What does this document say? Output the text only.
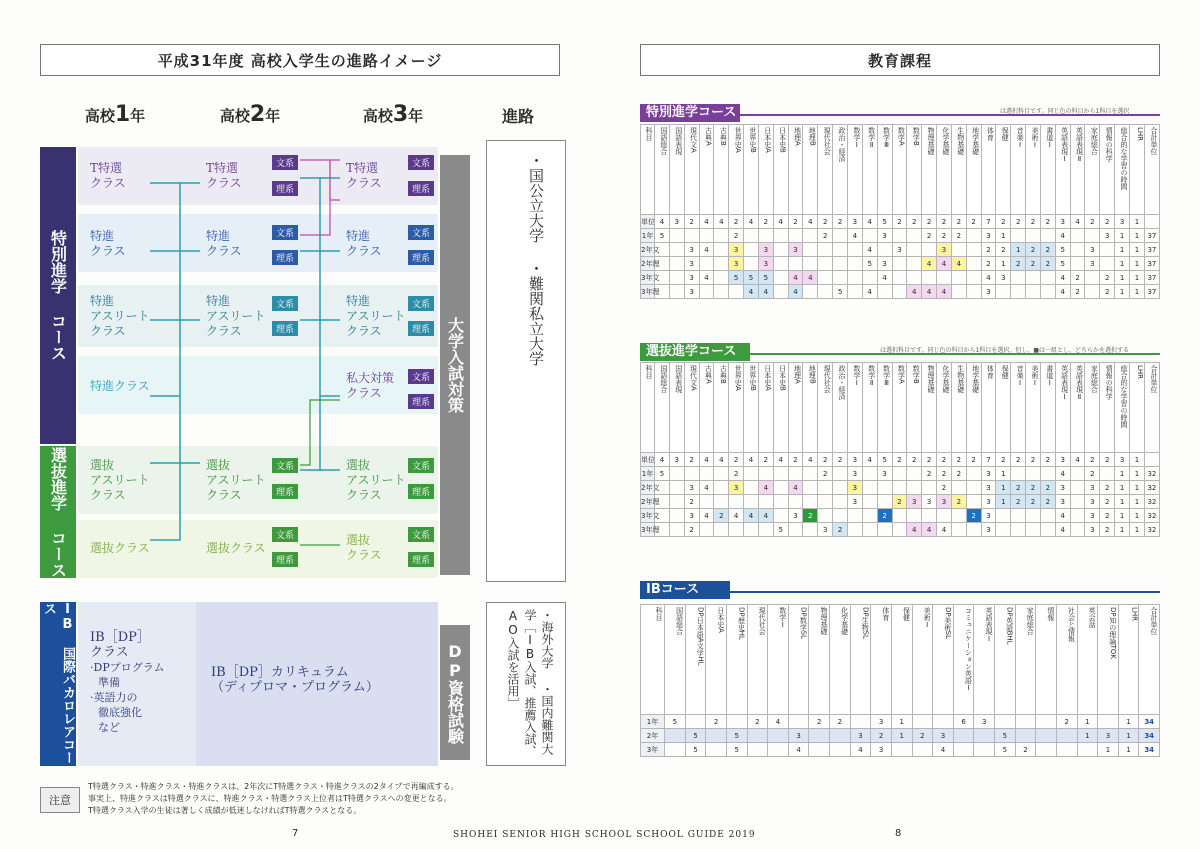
平成31年度 高校入学生の進路イメージ
高校1年	高校2年	高校3年	進路
特別進学 コース
選抜進学 コース
IB 国際バカロレアコース
T特選
クラス
特進
クラス
特進
アスリート
クラス
特進クラス
選抜
アスリート
クラス
選抜クラス
T特選
クラス
特進
クラス
特進
アスリート
クラス
選抜
アスリート
クラス
選抜クラス
T特選
クラス
特進
クラス
特進
アスリート
クラス
私大対策
クラス
選抜
アスリート
クラス
選抜
クラス
文系
理系
文系
理系
文系
理系
文系
理系
文系
理系
文系
理系
文系
理系
文系
理系
文系
理系
文系
理系
文系
理系
大学入試対策	・国公立大学 ・難関私立大学
IB［DP］
クラス
·DPプログラム
準備
·英語力の
徹底強化
など
IB［DP］カリキュラム
（ディプロマ・プログラム）	DP資格試験	・海外大学 ・国内難関大学［IB入試、推薦入試、AO入試を活用］
注意
T特選クラス・特進クラス・特進クラスは、2年次にT特選クラス・特進クラスの2タイプで再編成する。
事実上、特進クラスは特選クラスに、特進クラス・特選クラス上位者はT特選クラスへの変更となる。
T特選クラス入学の生徒は著しく成績が低迷しなければT特選クラスとなる。
7	SHOHEI SENIOR HIGH SCHOOL SCHOOL GUIDE 2019	8
教育課程
特別進学コース	は選択科目です。同じ色の科目から1科目を選択
選抜進学コース	は選択科目です。同じ色の科目から1科目を選択。但し、■は一組とし、どちらかを選択する
IBコース
科目	国語総合	国語表現	現代文A	古典A	古典B	世界史A	世界史B	日本史A	日本史B	地理A	地理B	現代社会	政治・経済	数学Ⅰ	数学Ⅱ	数学Ⅲ	数学A	数学B	物理基礎	化学基礎	生物基礎	地学基礎	体育	保健	音楽Ⅰ	美術Ⅰ	書道Ⅰ	英語表現Ⅰ	英語表現Ⅱ	家庭総合	情報の科学	総合的な学習の時間	LHR	合計単位
単位	4	3	2	4	4	2	4	2	4	2	4	2	2	3	4	5	2	2	2	2	2	2	7	2	2	2	2	3	4	2	2	3	1	
1年	5					2						2		4		3			2	2	2		3	1				4			3	1	1	37
2年文			3	4		3		3		3					4		3			3			2	2	1	2	2	5		3		1	1	37
2年理			3			3		3							5	3			4	4	4		2	1	2	2	2	5		3		1	1	37
3年文			3	4		5	5	5		4	4					4							4	3				4	2		2	1	1	37
3年理			3				4	4		4			5		4			4	4	4			3					4	2		2	1	1	37
科目	国語総合	国語表現	現代文A	古典A	古典B	世界史A	世界史B	日本史A	日本史B	地理A	地理B	現代社会	政治・経済	数学Ⅰ	数学Ⅱ	数学Ⅲ	数学A	数学B	物理基礎	化学基礎	生物基礎	地学基礎	体育	保健	音楽Ⅰ	美術Ⅰ	書道Ⅰ	英語表現Ⅰ	英語表現Ⅱ	家庭総合	情報の科学	総合的な学習の時間	LHR	合計単位
単位	4	3	2	4	4	2	4	2	4	2	4	2	2	3	4	5	2	2	2	2	2	2	7	2	2	2	2	3	4	2	2	3	1	
1年	5					2						2		3		3			2	2	2		3	1				4		2		1	1	32
2年文			3	4		3		4		4				3						2			3	1	2	2	2	3		3	2	1	1	32
2年理			2											3			2	3	3	3	2		3	1	2	2	2	3		3	2	1	1	32
3年文			3	4	2	4	4	4		3	2					2						2	3					4		3	2	1	1	32
3年理			2						5			3	2					4	4	4			3					4		3	2	1	1	32
科目	国語総合	DP日本語A文学HL	日本史A	DP歴史HL	現代社会	数学Ⅰ	DP数学SL	物理基礎	化学基礎	DP生物SL	体育	保健	美術Ⅰ	DP美術SL	コミュニケーション英語Ⅰ	英語表現Ⅰ	DP英語BHL	家庭総合	情報	社会と情報	英会話	DP知の理論TOK	LHR	合計単位
1年	5		2		2	4		2	2		3	1			6	3				2	1		1	34
2年		5		5			3			3	2	1	2	3			5				1	3	1	34
3年		5		5			4			4	3			4			5	2				1	1	34
